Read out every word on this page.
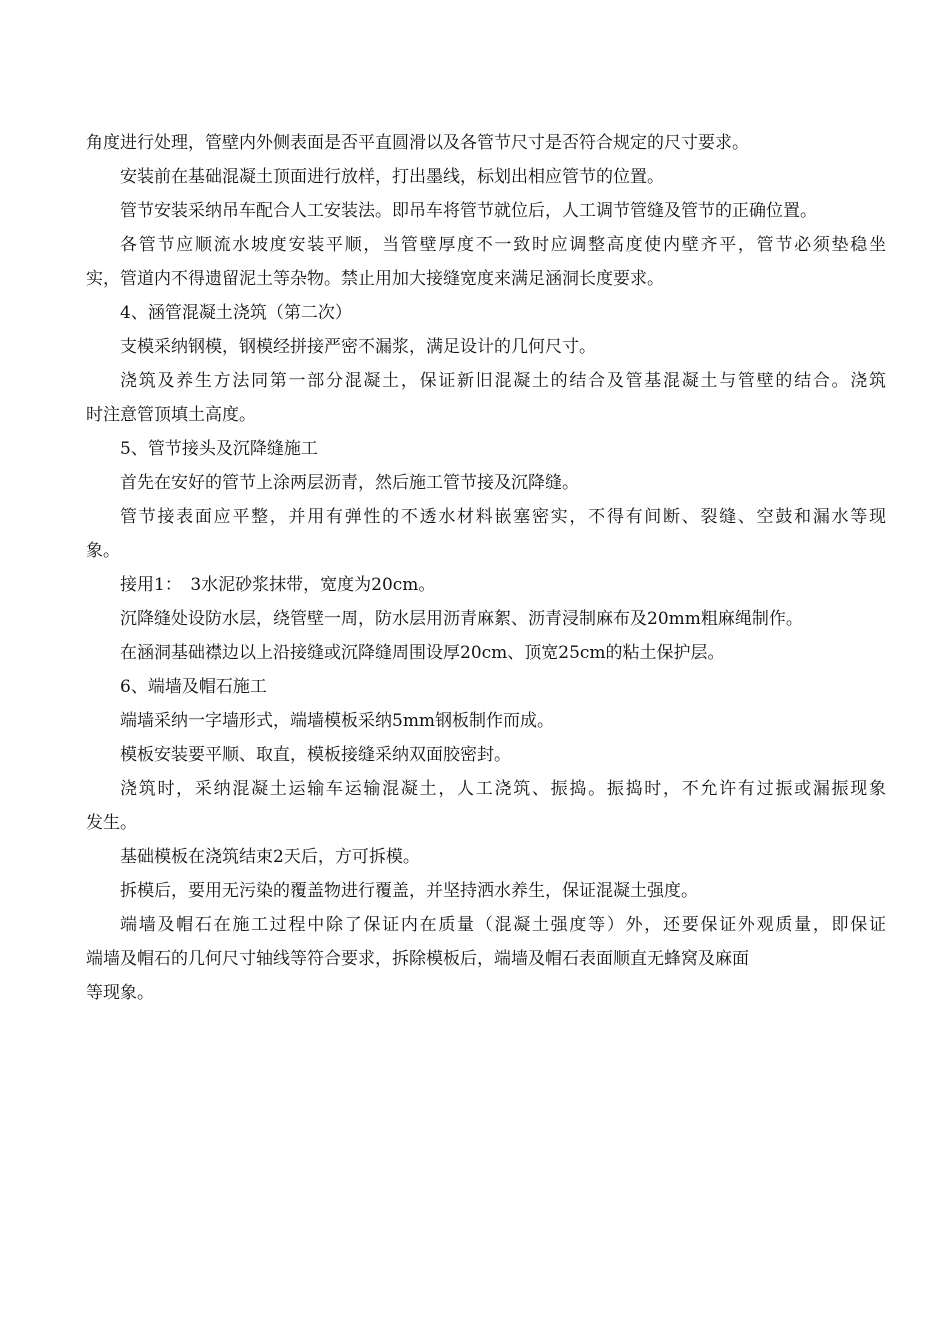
角度进行处理，管壁内外侧表面是否平直圆滑以及各管节尺寸是否符合规定的尺寸要求。
安装前在基础混凝土顶面进行放样，打出墨线，标划出相应管节的位置。
管节安装采纳吊车配合人工安装法。即吊车将管节就位后，人工调节管缝及管节的正确位置。
各管节应顺流水坡度安装平顺，当管壁厚度不一致时应调整高度使内壁齐平，管节必须垫稳坐
实，管道内不得遗留泥土等杂物。禁止用加大接缝宽度来满足涵洞长度要求。
4、涵管混凝土浇筑（第二次）
支模采纳钢模，钢模经拼接严密不漏浆，满足设计的几何尺寸。
浇筑及养生方法同第一部分混凝土，保证新旧混凝土的结合及管基混凝土与管壁的结合。浇筑
时注意管顶填土高度。
5、管节接头及沉降缝施工
首先在安好的管节上涂两层沥青，然后施工管节接及沉降缝。
管节接表面应平整，并用有弹性的不透水材料嵌塞密实，不得有间断、裂缝、空鼓和漏水等现
象。
接用1：　3水泥砂浆抹带，宽度为20cm。
沉降缝处设防水层，绕管壁一周，防水层用沥青麻絮、沥青浸制麻布及20mm粗麻绳制作。
在涵洞基础襟边以上沿接缝或沉降缝周围设厚20cm、顶宽25cm的粘土保护层。
6、端墙及帽石施工
端墙采纳一字墙形式，端墙模板采纳5mm钢板制作而成。
模板安装要平顺、取直，模板接缝采纳双面胶密封。
浇筑时，采纳混凝土运输车运输混凝土，人工浇筑、振捣。振捣时，不允许有过振或漏振现象
发生。
基础模板在浇筑结束2天后，方可拆模。
拆模后，要用无污染的覆盖物进行覆盖，并坚持洒水养生，保证混凝土强度。
端墙及帽石在施工过程中除了保证内在质量（混凝土强度等）外，还要保证外观质量，即保证
端墙及帽石的几何尺寸轴线等符合要求，拆除模板后，端墙及帽石表面顺直无蜂窝及麻面
等现象。
